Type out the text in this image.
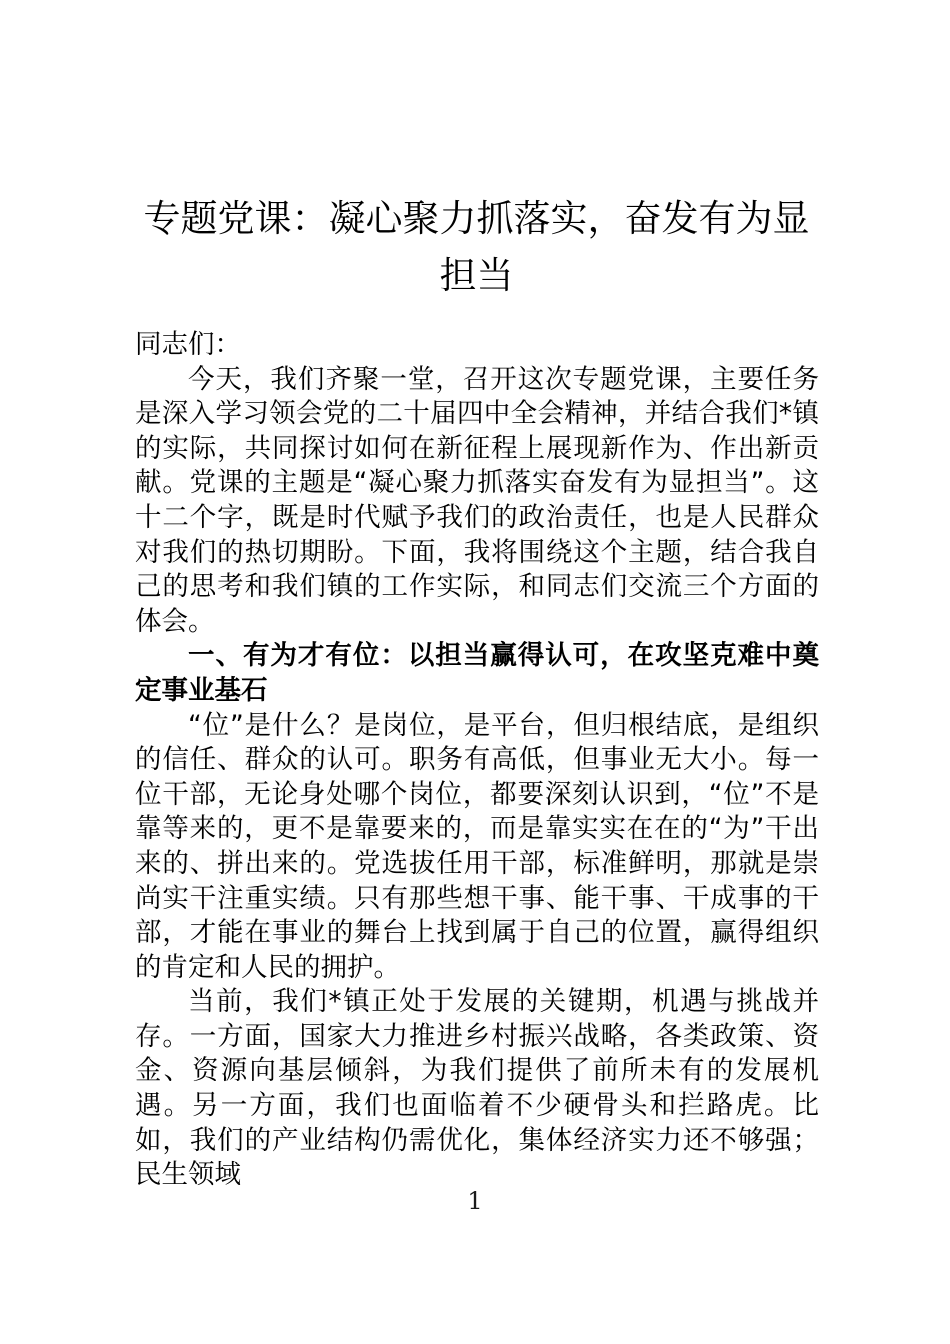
专题党课：凝心聚力抓落实，奋发有为显担当

同志们：

今天，我们齐聚一堂，召开这次专题党课，主要任务是深入学习领会党的二十届四中全会精神，并结合我们*镇的实际，共同探讨如何在新征程上展现新作为、作出新贡献。党课的主题是“凝心聚力抓落实奋发有为显担当”。这十二个字，既是时代赋予我们的政治责任，也是人民群众对我们的热切期盼。下面，我将围绕这个主题，结合我自己的思考和我们镇的工作实际，和同志们交流三个方面的体会。

一、有为才有位：以担当赢得认可，在攻坚克难中奠定事业基石

“位”是什么？是岗位，是平台，但归根结底，是组织的信任、群众的认可。职务有高低，但事业无大小。每一位干部，无论身处哪个岗位，都要深刻认识到，“位”不是靠等来的，更不是靠要来的，而是靠实实在在的“为”干出来的、拼出来的。党选拔任用干部，标准鲜明，那就是崇尚实干注重实绩。只有那些想干事、能干事、干成事的干部，才能在事业的舞台上找到属于自己的位置，赢得组织的肯定和人民的拥护。

当前，我们*镇正处于发展的关键期，机遇与挑战并存。一方面，国家大力推进乡村振兴战略，各类政策、资金、资源向基层倾斜，为我们提供了前所未有的发展机遇。另一方面，我们也面临着不少硬骨头和拦路虎。比如，我们的产业结构仍需优化，集体经济实力还不够强；民生领域

1
